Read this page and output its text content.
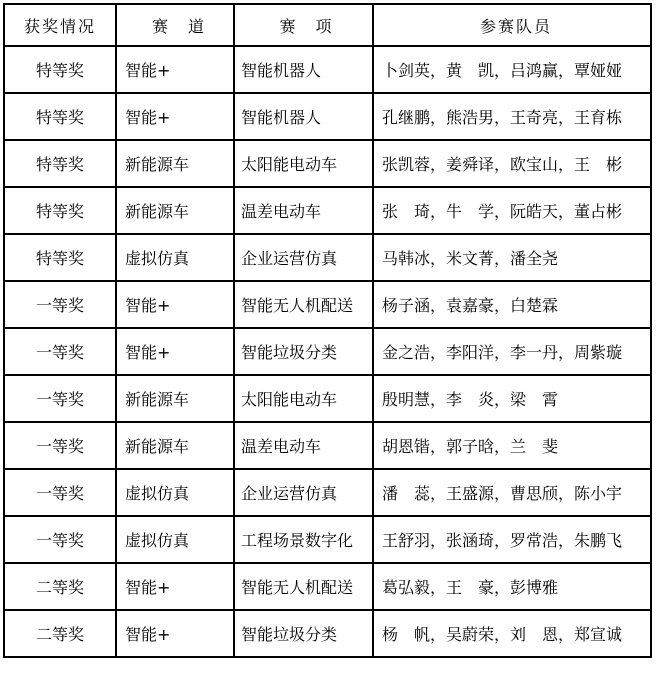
获奖情况	赛　道	赛　项	参赛队员
特等奖	智能+	智能机器人	卜剑英，黄　凯，吕鸿赢，覃娅娅
特等奖	智能+	智能机器人	孔继鹏，熊浩男，王奇亮，王育栋
特等奖	新能源车	太阳能电动车	张凯蓉，姜舜译，欧宝山，王　彬
特等奖	新能源车	温差电动车	张　琦，牛　学，阮皓天，董占彬
特等奖	虚拟仿真	企业运营仿真	马韩冰，米文菁，潘全尧
一等奖	智能+	智能无人机配送	杨子涵，袁嘉豪，白楚霖
一等奖	智能+	智能垃圾分类	金之浩，李阳洋，李一丹，周紫璇
一等奖	新能源车	太阳能电动车	殷明慧，李　炎，梁　霄
一等奖	新能源车	温差电动车	胡恩锴，郭子晗，兰　斐
一等奖	虚拟仿真	企业运营仿真	潘　蕊，王盛源，曹思颀，陈小宇
一等奖	虚拟仿真	工程场景数字化	王舒羽，张涵琦，罗常浩，朱鹏飞
二等奖	智能+	智能无人机配送	葛弘毅，王　豪，彭博雅
二等奖	智能+	智能垃圾分类	杨　帆，吴蔚荣，刘　恩，郑宣诚
